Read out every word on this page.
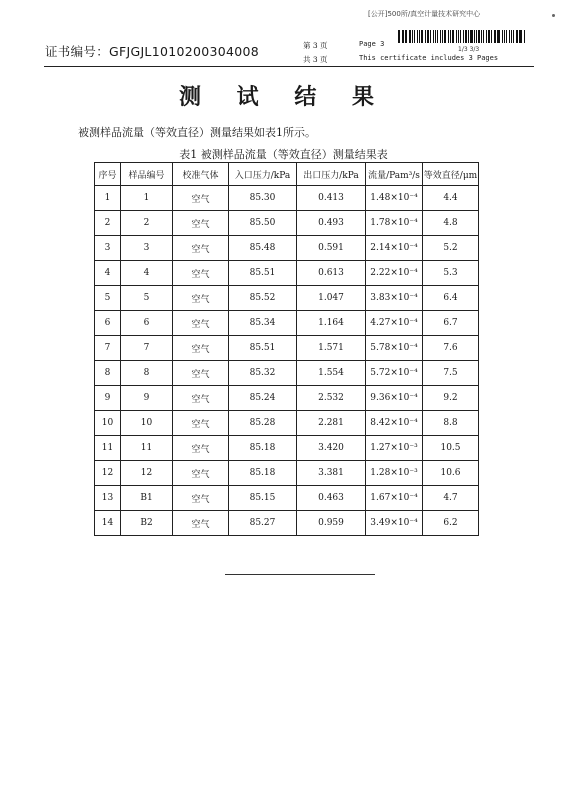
[公开]500所/真空计量技术研究中心
证书编号：GFJGJL1010200304008	第 3 页
共 3 页
Page 3
This certificate includes 3 Pages
1/3 3/3
测 试 结 果
被测样品流量（等效直径）测量结果如表1所示。
表1 被测样品流量（等效直径）测量结果表
序号	样品编号	校准气体	入口压力/kPa	出口压力/kPa	流量/Pam³/s	等效直径/μm
1	1	空气	85.30	0.413	1.48×10⁻⁴	4.4
2	2	空气	85.50	0.493	1.78×10⁻⁴	4.8
3	3	空气	85.48	0.591	2.14×10⁻⁴	5.2
4	4	空气	85.51	0.613	2.22×10⁻⁴	5.3
5	5	空气	85.52	1.047	3.83×10⁻⁴	6.4
6	6	空气	85.34	1.164	4.27×10⁻⁴	6.7
7	7	空气	85.51	1.571	5.78×10⁻⁴	7.6
8	8	空气	85.32	1.554	5.72×10⁻⁴	7.5
9	9	空气	85.24	2.532	9.36×10⁻⁴	9.2
10	10	空气	85.28	2.281	8.42×10⁻⁴	8.8
11	11	空气	85.18	3.420	1.27×10⁻³	10.5
12	12	空气	85.18	3.381	1.28×10⁻³	10.6
13	B1	空气	85.15	0.463	1.67×10⁻⁴	4.7
14	B2	空气	85.27	0.959	3.49×10⁻⁴	6.2
